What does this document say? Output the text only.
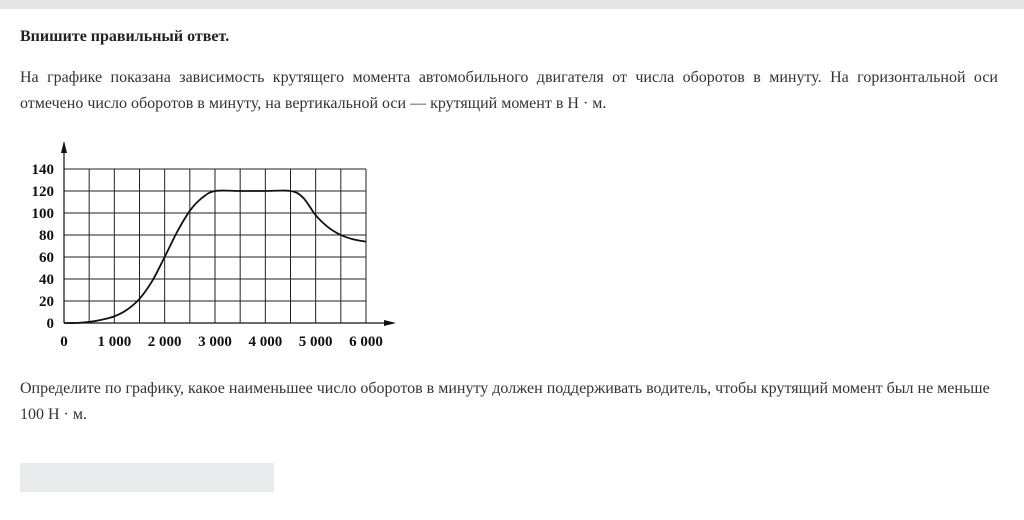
Впишите правильный ответ.
На графике показана зависимость крутящего момента автомобильного двигателя от числа оборотов в минуту. На горизонтальной оси отмечено число оборотов в минуту, на вертикальной оси — крутящий момент в Н · м.
0
20
40
60
80
100
120
140
0 1 000 2 000 3 000 4 000 5 000 6 000
Определите по графику, какое наименьшее число оборотов в минуту должен поддерживать водитель, чтобы крутящий момент был не меньше 100 Н · м.
